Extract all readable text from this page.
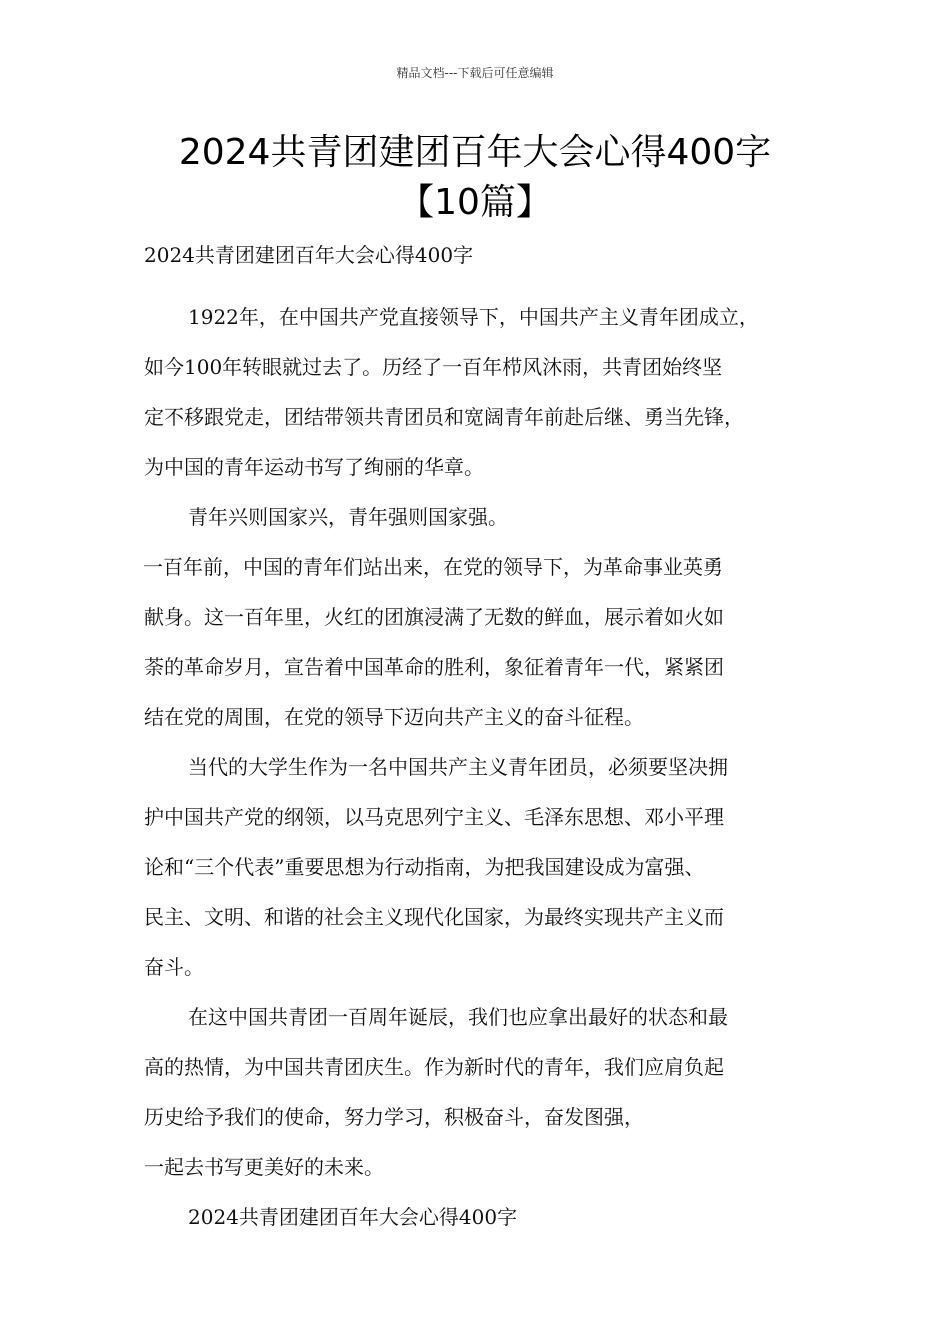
精品文档---下载后可任意编辑
2024共青团建团百年大会心得400字
【10篇】
2024共青团建团百年大会心得400字
1922年，在中国共产党直接领导下，中国共产主义青年团成立，
如今100年转眼就过去了。历经了一百年栉风沐雨，共青团始终坚
定不移跟党走，团结带领共青团员和宽阔青年前赴后继、勇当先锋，
为中国的青年运动书写了绚丽的华章。
青年兴则国家兴，青年强则国家强。
一百年前，中国的青年们站出来，在党的领导下，为革命事业英勇
献身。这一百年里，火红的团旗浸满了无数的鲜血，展示着如火如
荼的革命岁月，宣告着中国革命的胜利，象征着青年一代，紧紧团
结在党的周围，在党的领导下迈向共产主义的奋斗征程。
当代的大学生作为一名中国共产主义青年团员，必须要坚决拥
护中国共产党的纲领，以马克思列宁主义、毛泽东思想、邓小平理
论和“三个代表”重要思想为行动指南，为把我国建设成为富强、
民主、文明、和谐的社会主义现代化国家，为最终实现共产主义而
奋斗。
在这中国共青团一百周年诞辰，我们也应拿出最好的状态和最
高的热情，为中国共青团庆生。作为新时代的青年，我们应肩负起
历史给予我们的使命，努力学习，积极奋斗，奋发图强，
一起去书写更美好的未来。
2024共青团建团百年大会心得400字
